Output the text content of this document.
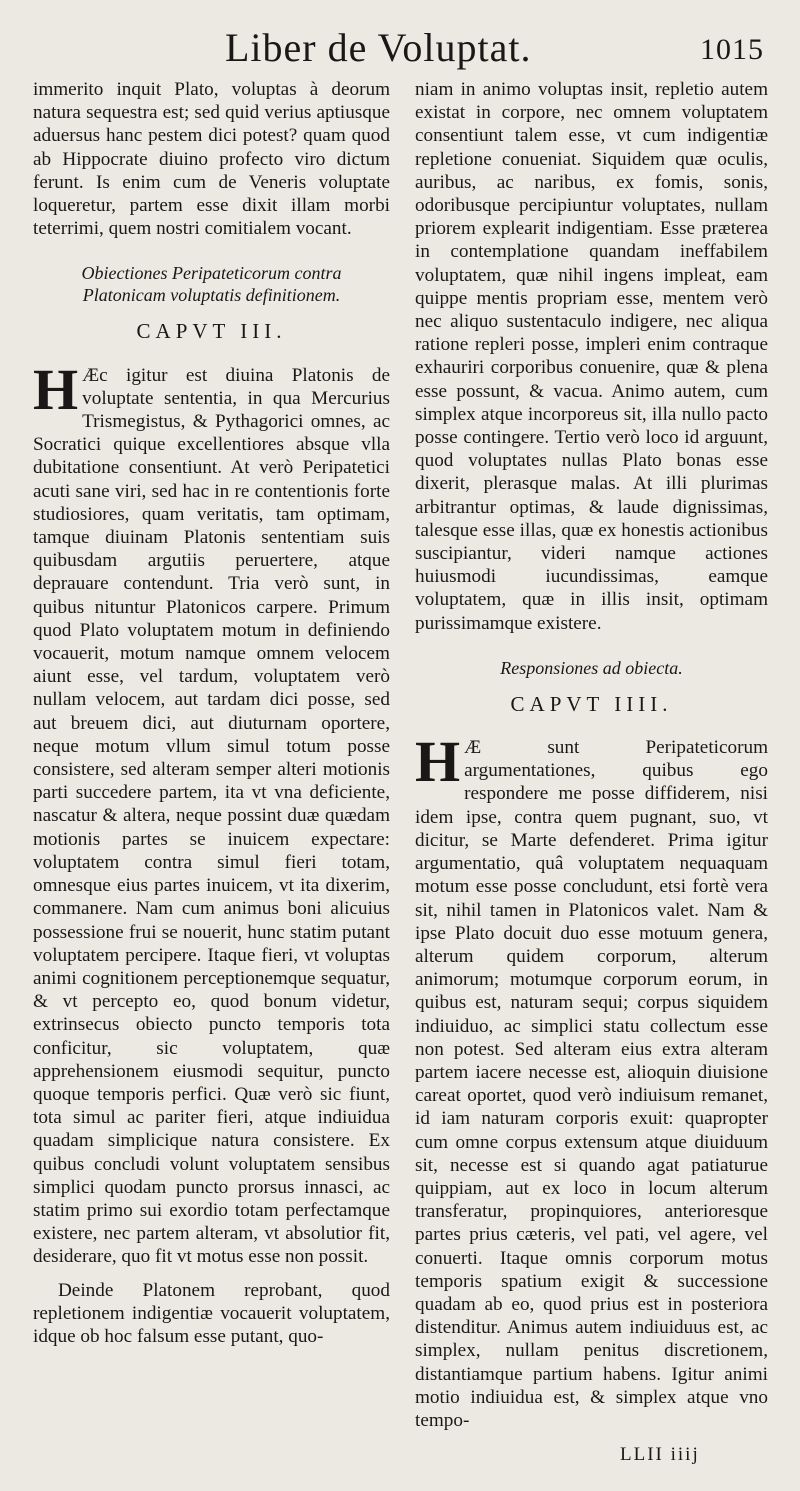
Liber de Voluptat.	1015

immerito inquit Plato, voluptas à deorum natura sequestra est; sed quid verius aptiusque aduersus hanc pestem dici potest? quam quod ab Hippocrate diuino profecto viro dictum ferunt. Is enim cum de Veneris voluptate loqueretur, partem esse dixit illam morbi teterrimi, quem nostri comitialem vocant.

Obiectiones Peripateticorum contra Platonicam voluptatis definitionem.

CAPVT III.

H Æc igitur est diuina Platonis de voluptate sententia, in qua Mercurius Trismegistus, & Pythagorici omnes, ac Socratici quique excellentiores absque vlla dubitatione consentiunt. At verò Peripatetici acuti sane viri, sed hac in re contentionis forte studiosiores, quam veritatis, tam optimam, tamque diuinam Platonis sententiam suis quibusdam argutiis peruertere, atque deprauare contendunt. Tria verò sunt, in quibus nituntur Platonicos carpere. Primum quod Plato voluptatem motum in definiendo vocauerit, motum namque omnem velocem aiunt esse, vel tardum, voluptatem verò nullam velocem, aut tardam dici posse, sed aut breuem dici, aut diuturnam oportere, neque motum vllum simul totum posse consistere, sed alteram semper alteri motionis parti succedere partem, ita vt vna deficiente, nascatur & altera, neque possint duæ quædam motionis partes se inuicem expectare: voluptatem contra simul fieri totam, omnesque eius partes inuicem, vt ita dixerim, commanere. Nam cum animus boni alicuius possessione frui se nouerit, hunc statim putant voluptatem percipere. Itaque fieri, vt voluptas animi cognitionem perceptionemque sequatur, & vt percepto eo, quod bonum videtur, extrinsecus obiecto puncto temporis tota conficitur, sic voluptatem, quæ apprehensionem eiusmodi sequitur, puncto quoque temporis perfici. Quæ verò sic fiunt, tota simul ac pariter fieri, atque indiuidua quadam simplicique natura consistere. Ex quibus concludi volunt voluptatem sensibus simplici quodam puncto prorsus innasci, ac statim primo sui exordio totam perfectamque existere, nec partem alteram, vt absolutior fit, desiderare, quo fit vt motus esse non possit.

Deinde Platonem reprobant, quod repletionem indigentiæ vocauerit voluptatem, idque ob hoc falsum esse putant, quo-

niam in animo voluptas insit, repletio autem existat in corpore, nec omnem voluptatem consentiunt talem esse, vt cum indigentiæ repletione conueniat. Siquidem quæ oculis, auribus, ac naribus, ex fomis, sonis, odoribusque percipiuntur voluptates, nullam priorem explearit indigentiam. Esse præterea in contemplatione quandam ineffabilem voluptatem, quæ nihil ingens impleat, eam quippe mentis propriam esse, mentem verò nec aliquo sustentaculo indigere, nec aliqua ratione repleri posse, impleri enim contraque exhauriri corporibus conuenire, quæ & plena esse possunt, & vacua. Animo autem, cum simplex atque incorporeus sit, illa nullo pacto posse contingere. Tertio verò loco id arguunt, quod voluptates nullas Plato bonas esse dixerit, plerasque malas. At illi plurimas arbitrantur optimas, & laude dignissimas, talesque esse illas, quæ ex honestis actionibus suscipiantur, videri namque actiones huiusmodi iucundissimas, eamque voluptatem, quæ in illis insit, optimam purissimamque existere.

Responsiones ad obiecta.

CAPVT IIII.

H Æ sunt Peripateticorum argumentationes, quibus ego respondere me posse diffiderem, nisi idem ipse, contra quem pugnant, suo, vt dicitur, se Marte defenderet. Prima igitur argumentatio, quâ voluptatem nequaquam motum esse posse concludunt, etsi fortè vera sit, nihil tamen in Platonicos valet. Nam & ipse Plato docuit duo esse motuum genera, alterum quidem corporum, alterum animorum; motumque corporum eorum, in quibus est, naturam sequi; corpus siquidem indiuiduo, ac simplici statu collectum esse non potest. Sed alteram eius extra alteram partem iacere necesse est, alioquin diuisione careat oportet, quod verò indiuisum remanet, id iam naturam corporis exuit: quapropter cum omne corpus extensum atque diuiduum sit, necesse est si quando agat patiaturue quippiam, aut ex loco in locum alterum transferatur, propinquiores, anterioresque partes prius cæteris, vel pati, vel agere, vel conuerti. Itaque omnis corporum motus temporis spatium exigit & successione quadam ab eo, quod prius est in posteriora distenditur. Animus autem indiuiduus est, ac simplex, nullam penitus discretionem, distantiamque partium habens. Igitur animi motio indiuidua est, & simplex atque vno tempo-

LLII iiij
